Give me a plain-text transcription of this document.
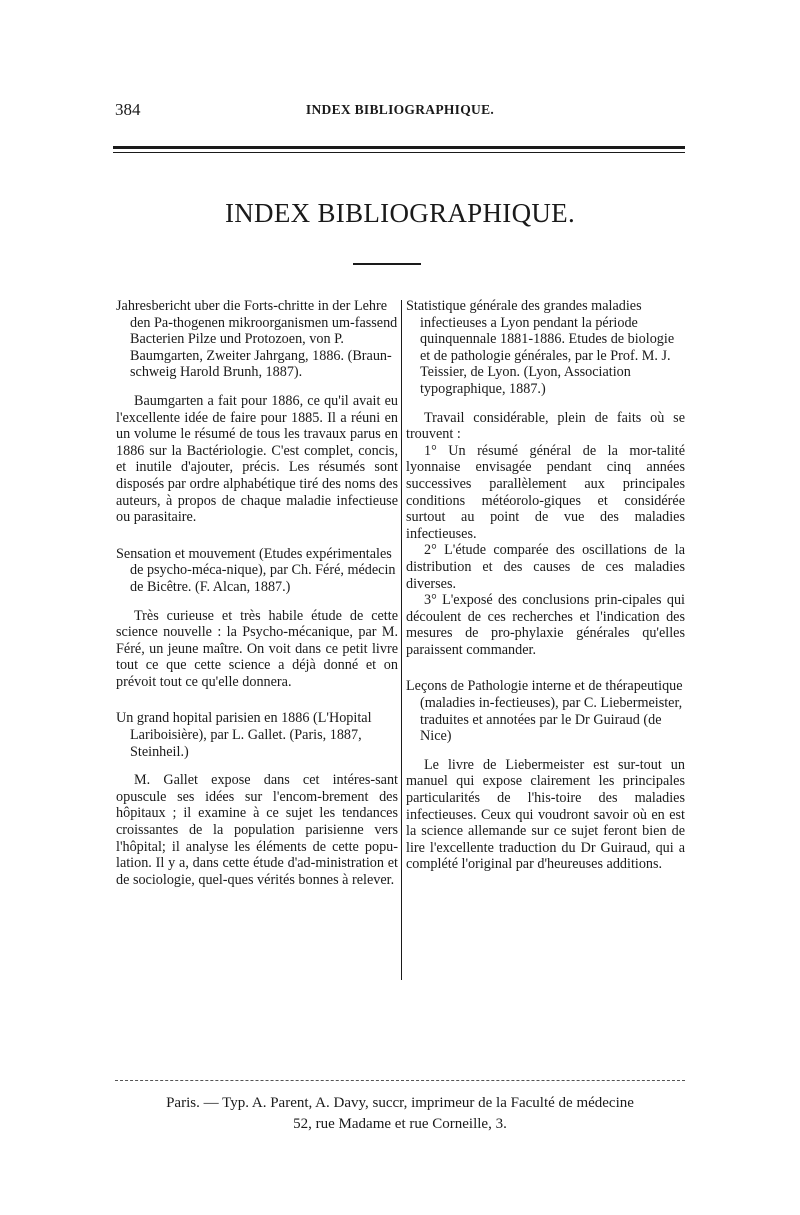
384	INDEX BIBLIOGRAPHIQUE.
INDEX BIBLIOGRAPHIQUE.
Jahresbericht uber die Forts-chritte in der Lehre den Pa-thogenen mikroorganismen um-fassend Bacterien Pilze und Protozoen, von P. Baumgarten, Zweiter Jahrgang, 1886. (Braun-schweig Harold Brunh, 1887).

Baumgarten a fait pour 1886, ce qu'il avait eu l'excellente idée de faire pour 1885. Il a réuni en un volume le résumé de tous les travaux parus en 1886 sur la Bactériologie. C'est complet, concis, et inutile d'ajouter, précis. Les résumés sont disposés par ordre alphabétique tiré des noms des auteurs, à propos de chaque maladie infectieuse ou parasitaire.

Sensation et mouvement (Etudes expérimentales de psycho-méca-nique), par Ch. Féré, médecin de Bicêtre. (F. Alcan, 1887.)

Très curieuse et très habile étude de cette science nouvelle : la Psycho-mécanique, par M. Féré, un jeune maître. On voit dans ce petit livre tout ce que cette science a déjà donné et on prévoit tout ce qu'elle donnera.

Un grand hopital parisien en 1886 (L'Hopital Lariboisière), par L. Gallet. (Paris, 1887, Steinheil.)

M. Gallet expose dans cet intéres-sant opuscule ses idées sur l'encom-brement des hôpitaux ; il examine à ce sujet les tendances croissantes de la population parisienne vers l'hôpital; il analyse les éléments de cette popu-lation. Il y a, dans cette étude d'ad-ministration et de sociologie, quel-ques vérités bonnes à relever.

Statistique générale des grandes maladies infectieuses a Lyon pendant la période quinquennale 1881-1886. Etudes de biologie et de pathologie générales, par le Prof. M. J. Teissier, de Lyon. (Lyon, Association typographique, 1887.)

Travail considérable, plein de faits où se trouvent :

1° Un résumé général de la mor-talité lyonnaise envisagée pendant cinq années successives parallèlement aux principales conditions météorolo-giques et considérée surtout au point de vue des maladies infectieuses.

2° L'étude comparée des oscillations de la distribution et des causes de ces maladies diverses.

3° L'exposé des conclusions prin-cipales qui découlent de ces recherches et l'indication des mesures de pro-phylaxie générales qu'elles paraissent commander.

Leçons de Pathologie interne et de thérapeutique (maladies in-fectieuses), par C. Liebermeister, traduites et annotées par le Dr Guiraud (de Nice)

Le livre de Liebermeister est sur-tout un manuel qui expose clairement les principales particularités de l'his-toire des maladies infectieuses. Ceux qui voudront savoir où en est la science allemande sur ce sujet feront bien de lire l'excellente traduction du Dr Guiraud, qui a complété l'original par d'heureuses additions.

Paris. — Typ. A. Parent, A. Davy, succr, imprimeur de la Faculté de médecine
52, rue Madame et rue Corneille, 3.
